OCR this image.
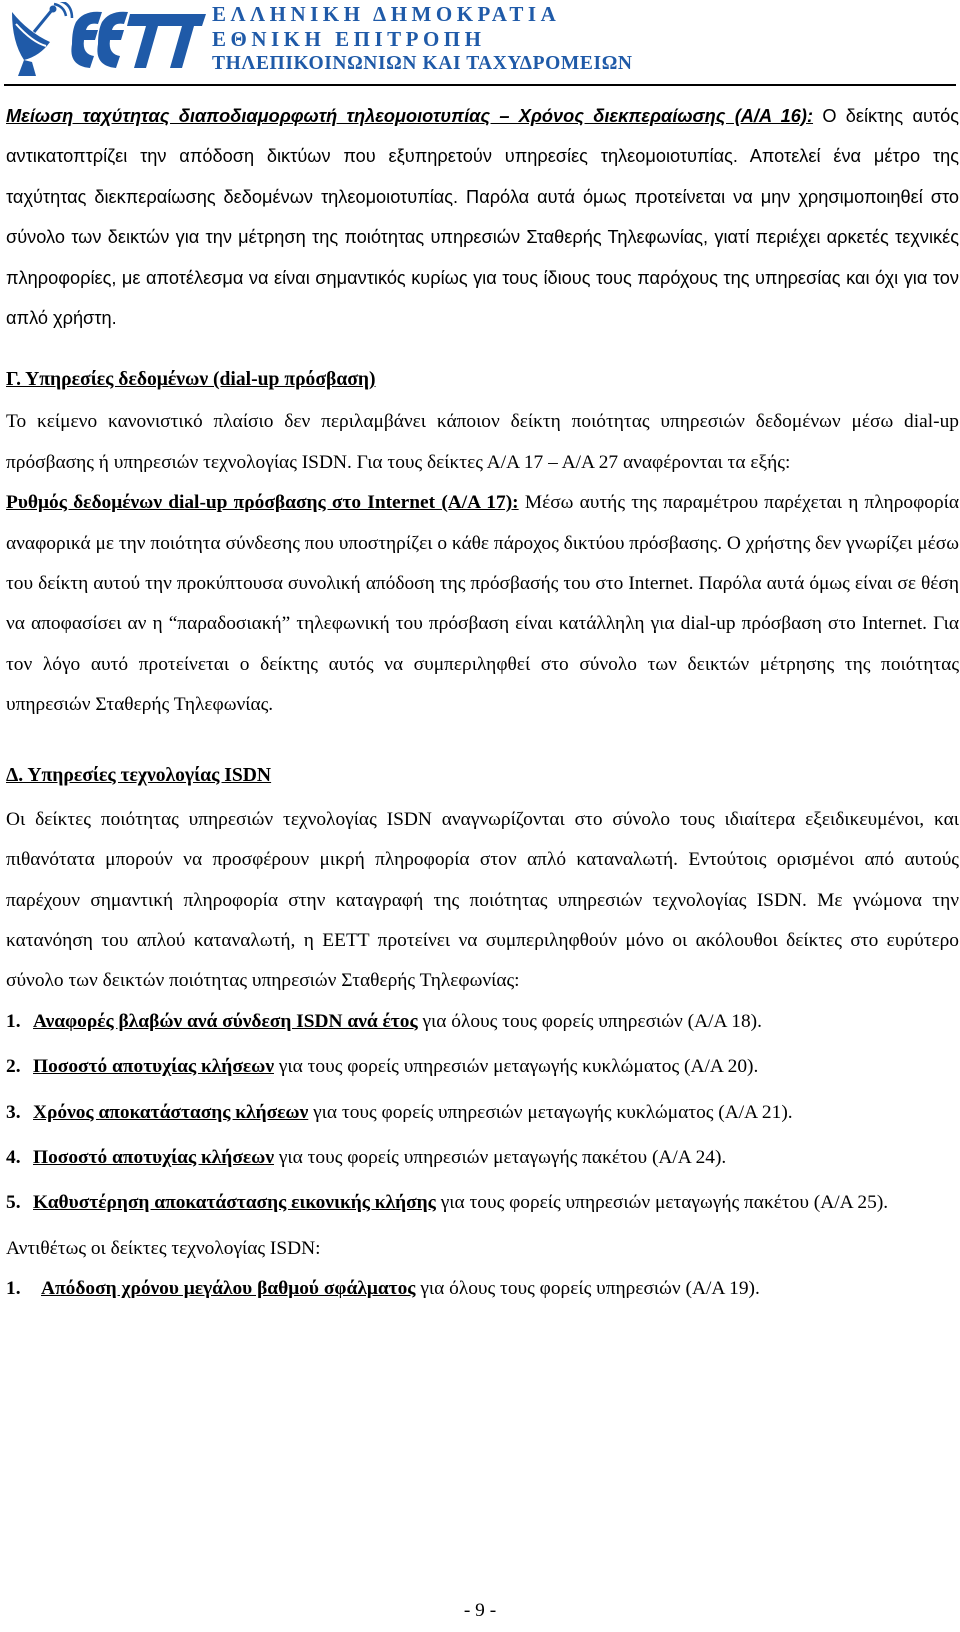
ΕΛΛΗΝΙΚΗ ΔΗΜΟΚΡΑΤΙΑ
ΕΘΝΙΚΗ ΕΠΙΤΡΟΠΗ
ΤΗΛΕΠΙΚΟΙΝΩΝΙΩΝ ΚΑΙ ΤΑΧΥΔΡΟΜΕΙΩΝ

Μείωση ταχύτητας διαποδιαμορφωτή τηλεομοιοτυπίας – Χρόνος διεκπεραίωσης (Α/Α 16): Ο δείκτης αυτός αντικατοπτρίζει την απόδοση δικτύων που εξυπηρετούν υπηρεσίες τηλεομοιοτυπίας. Αποτελεί ένα μέτρο της ταχύτητας διεκπεραίωσης δεδομένων τηλεομοιοτυπίας. Παρόλα αυτά όμως προτείνεται να μην χρησιμοποιηθεί στο σύνολο των δεικτών για την μέτρηση της ποιότητας υπηρεσιών Σταθερής Τηλεφωνίας, γιατί περιέχει αρκετές τεχνικές πληροφορίες, με αποτέλεσμα να είναι σημαντικός κυρίως για τους ίδιους τους παρόχους της υπηρεσίας και όχι για τον απλό χρήστη.

Γ. Υπηρεσίες δεδομένων (dial-up πρόσβαση)

Το κείμενο κανονιστικό πλαίσιο δεν περιλαμβάνει κάποιον δείκτη ποιότητας υπηρεσιών δεδομένων μέσω dial-up πρόσβασης ή υπηρεσιών τεχνολογίας ISDN. Για τους δείκτες Α/Α 17 – Α/Α 27 αναφέρονται τα εξής:

Ρυθμός δεδομένων dial-up πρόσβασης στο Internet (Α/Α 17): Μέσω αυτής της παραμέτρου παρέχεται η πληροφορία αναφορικά με την ποιότητα σύνδεσης που υποστηρίζει ο κάθε πάροχος δικτύου πρόσβασης. Ο χρήστης δεν γνωρίζει μέσω του δείκτη αυτού την προκύπτουσα συνολική απόδοση της πρόσβασής του στο Internet. Παρόλα αυτά όμως είναι σε θέση να αποφασίσει αν η “παραδοσιακή” τηλεφωνική του πρόσβαση είναι κατάλληλη για dial-up πρόσβαση στο Internet. Για τον λόγο αυτό προτείνεται ο δείκτης αυτός να συμπεριληφθεί στο σύνολο των δεικτών μέτρησης της ποιότητας υπηρεσιών Σταθερής Τηλεφωνίας.

Δ. Υπηρεσίες τεχνολογίας ISDN

Οι δείκτες ποιότητας υπηρεσιών τεχνολογίας ISDN αναγνωρίζονται στο σύνολο τους ιδιαίτερα εξειδικευμένοι, και πιθανότατα μπορούν να προσφέρουν μικρή πληροφορία στον απλό καταναλωτή. Εντούτοις ορισμένοι από αυτούς παρέχουν σημαντική πληροφορία στην καταγραφή της ποιότητας υπηρεσιών τεχνολογίας ISDN. Με γνώμονα την κατανόηση του απλού καταναλωτή, η ΕΕΤΤ προτείνει να συμπεριληφθούν μόνο οι ακόλουθοι δείκτες στο ευρύτερο σύνολο των δεικτών ποιότητας υπηρεσιών Σταθερής Τηλεφωνίας:

1. Αναφορές βλαβών ανά σύνδεση ISDN ανά έτος για όλους τους φορείς υπηρεσιών (Α/Α 18).
2. Ποσοστό αποτυχίας κλήσεων για τους φορείς υπηρεσιών μεταγωγής κυκλώματος (Α/Α 20).
3. Χρόνος αποκατάστασης κλήσεων για τους φορείς υπηρεσιών μεταγωγής κυκλώματος (Α/Α 21).
4. Ποσοστό αποτυχίας κλήσεων για τους φορείς υπηρεσιών μεταγωγής πακέτου (Α/Α 24).
5. Καθυστέρηση αποκατάστασης εικονικής κλήσης για τους φορείς υπηρεσιών μεταγωγής πακέτου (Α/Α 25).

Αντιθέτως οι δείκτες τεχνολογίας ISDN:

1. Απόδοση χρόνου μεγάλου βαθμού σφάλματος για όλους τους φορείς υπηρεσιών (Α/Α 19).
- 9 -
